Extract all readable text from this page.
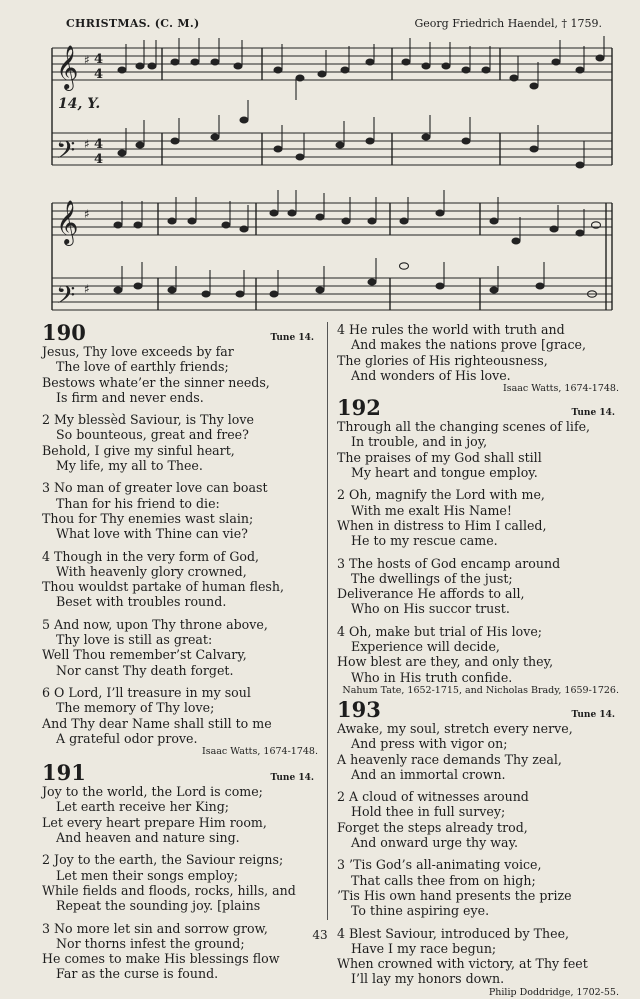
CHRISTMAS. (C. M.)	Georg Friedrich Haendel, † 1759.
𝄞
𝄢
𝄞
𝄢
♯
♯
♯
♯
4
4
4
4
14, Y.
190	Tune 14.
Jesus, Thy love exceeds by far
The love of earthly friends;
Bestows whate’er the sinner needs,
Is firm and never ends.
2 My blessèd Saviour, is Thy love
So bounteous, great and free?
Behold, I give my sinful heart,
My life, my all to Thee.
3 No man of greater love can boast
Than for his friend to die:
Thou for Thy enemies wast slain;
What love with Thine can vie?
4 Though in the very form of God,
With heavenly glory crowned,
Thou wouldst partake of human flesh,
Beset with troubles round.
5 And now, upon Thy throne above,
Thy love is still as great:
Well Thou remember’st Calvary,
Nor canst Thy death forget.
6 O Lord, I’ll treasure in my soul
The memory of Thy love;
And Thy dear Name shall still to me
A grateful odor prove.
Isaac Watts, 1674-1748.
191	Tune 14.
Joy to the world, the Lord is come;
Let earth receive her King;
Let every heart prepare Him room,
And heaven and nature sing.
2 Joy to the earth, the Saviour reigns;
Let men their songs employ;
While fields and floods, rocks, hills, and
Repeat the sounding joy. [plains
3 No more let sin and sorrow grow,
Nor thorns infest the ground;
He comes to make His blessings flow
Far as the curse is found.
4 He rules the world with truth and
And makes the nations prove [grace,
The glories of His righteousness,
And wonders of His love.
Isaac Watts, 1674-1748.
192	Tune 14.
Through all the changing scenes of life,
In trouble, and in joy,
The praises of my God shall still
My heart and tongue employ.
2 Oh, magnify the Lord with me,
With me exalt His Name!
When in distress to Him I called,
He to my rescue came.
3 The hosts of God encamp around
The dwellings of the just;
Deliverance He affords to all,
Who on His succor trust.
4 Oh, make but trial of His love;
Experience will decide,
How blest are they, and only they,
Who in His truth confide.
Nahum Tate, 1652-1715, and Nicholas Brady, 1659-1726.
193	Tune 14.
Awake, my soul, stretch every nerve,
And press with vigor on;
A heavenly race demands Thy zeal,
And an immortal crown.
2 A cloud of witnesses around
Hold thee in full survey;
Forget the steps already trod,
And onward urge thy way.
3 ’Tis God’s all-animating voice,
That calls thee from on high;
’Tis His own hand presents the prize
To thine aspiring eye.
4 Blest Saviour, introduced by Thee,
Have I my race begun;
When crowned with victory, at Thy feet
I’ll lay my honors down.
Philip Doddridge, 1702-55.
43
